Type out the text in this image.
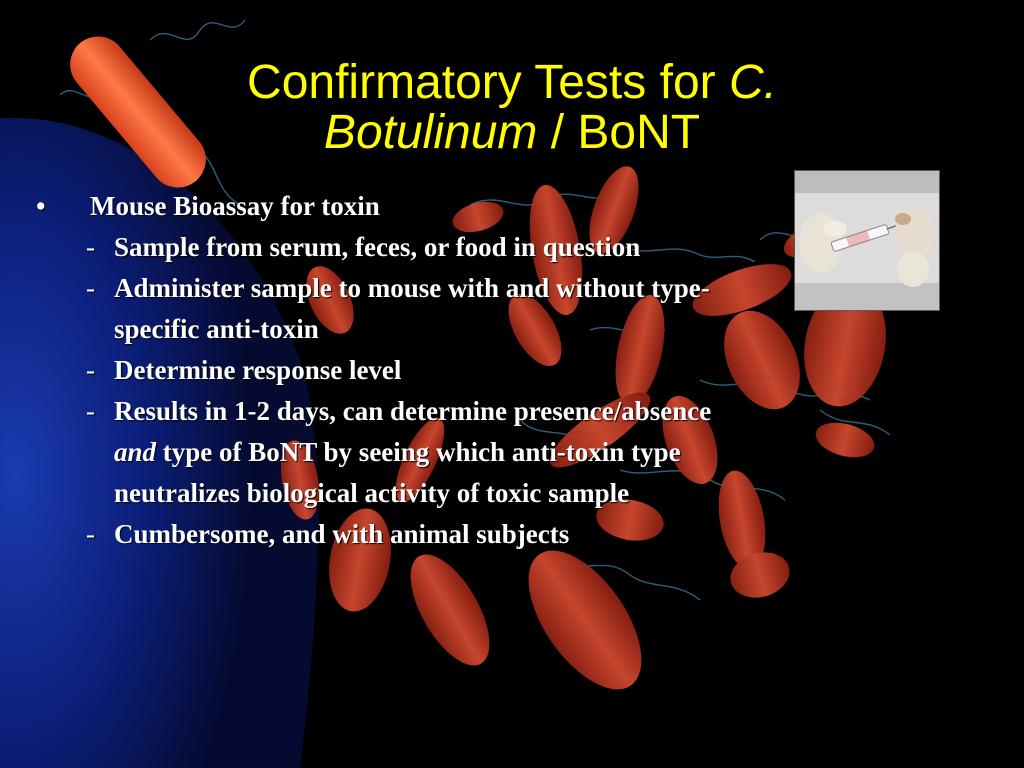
Confirmatory Tests for C. Botulinum / BoNT
•	Mouse Bioassay for toxin
- Sample from serum, feces, or food in question
- Administer sample to mouse with and without type-specific anti-toxin
- Determine response level
- Results in 1-2 days, can determine presence/absence and type of BoNT by seeing which anti-toxin type neutralizes biological activity of toxic sample
- Cumbersome, and with animal subjects
